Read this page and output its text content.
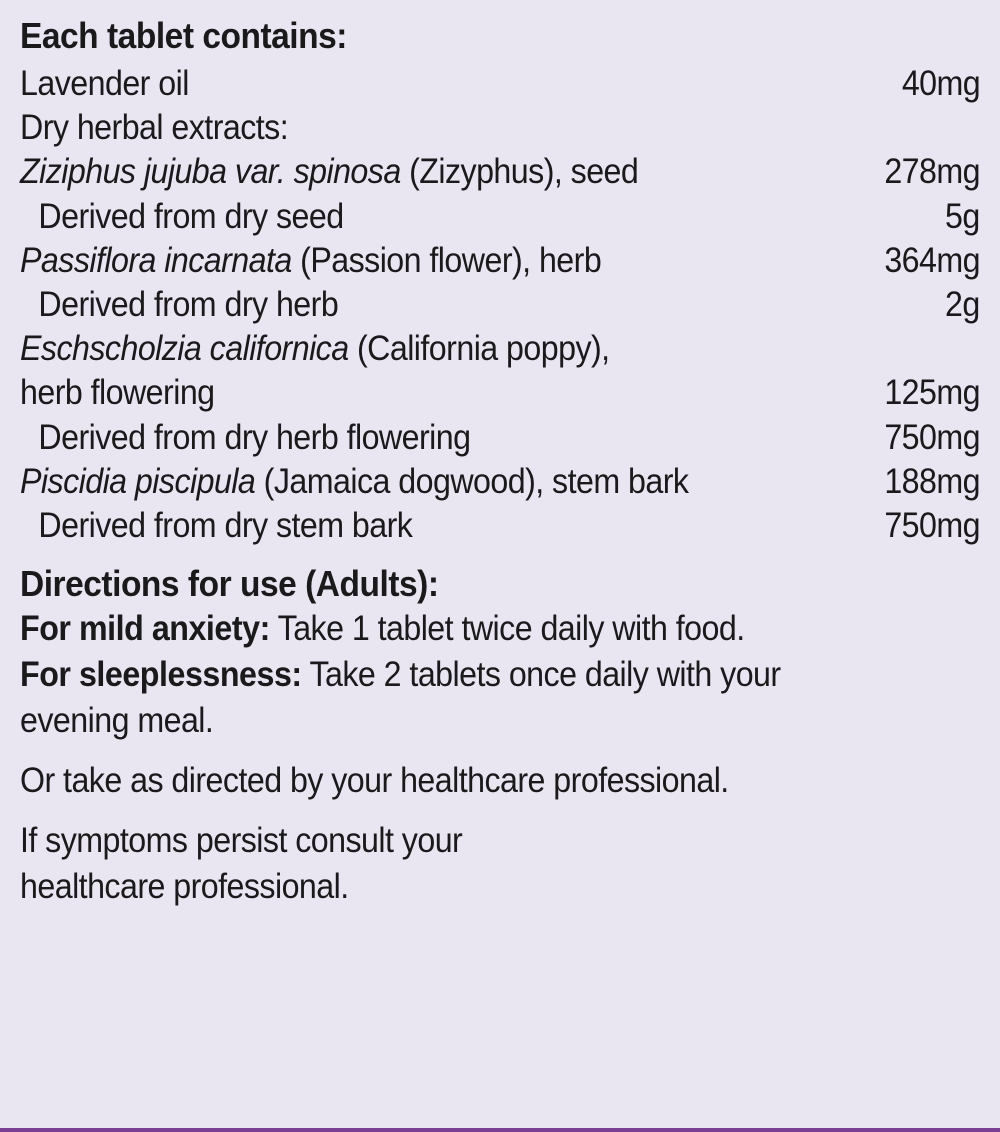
Each tablet contains:
Lavender oil	40mg
Dry herbal extracts:
Ziziphus jujuba var. spinosa (Zizyphus), seed	278mg
Derived from dry seed	5g
Passiflora incarnata (Passion flower), herb	364mg
Derived from dry herb	2g
Eschscholzia californica (California poppy),
herb flowering	125mg
Derived from dry herb flowering	750mg
Piscidia piscipula (Jamaica dogwood), stem bark	188mg
Derived from dry stem bark	750mg
Directions for use (Adults):
For mild anxiety: Take 1 tablet twice daily with food.
For sleeplessness: Take 2 tablets once daily with your
evening meal.
Or take as directed by your healthcare professional.
If symptoms persist consult your
healthcare professional.
